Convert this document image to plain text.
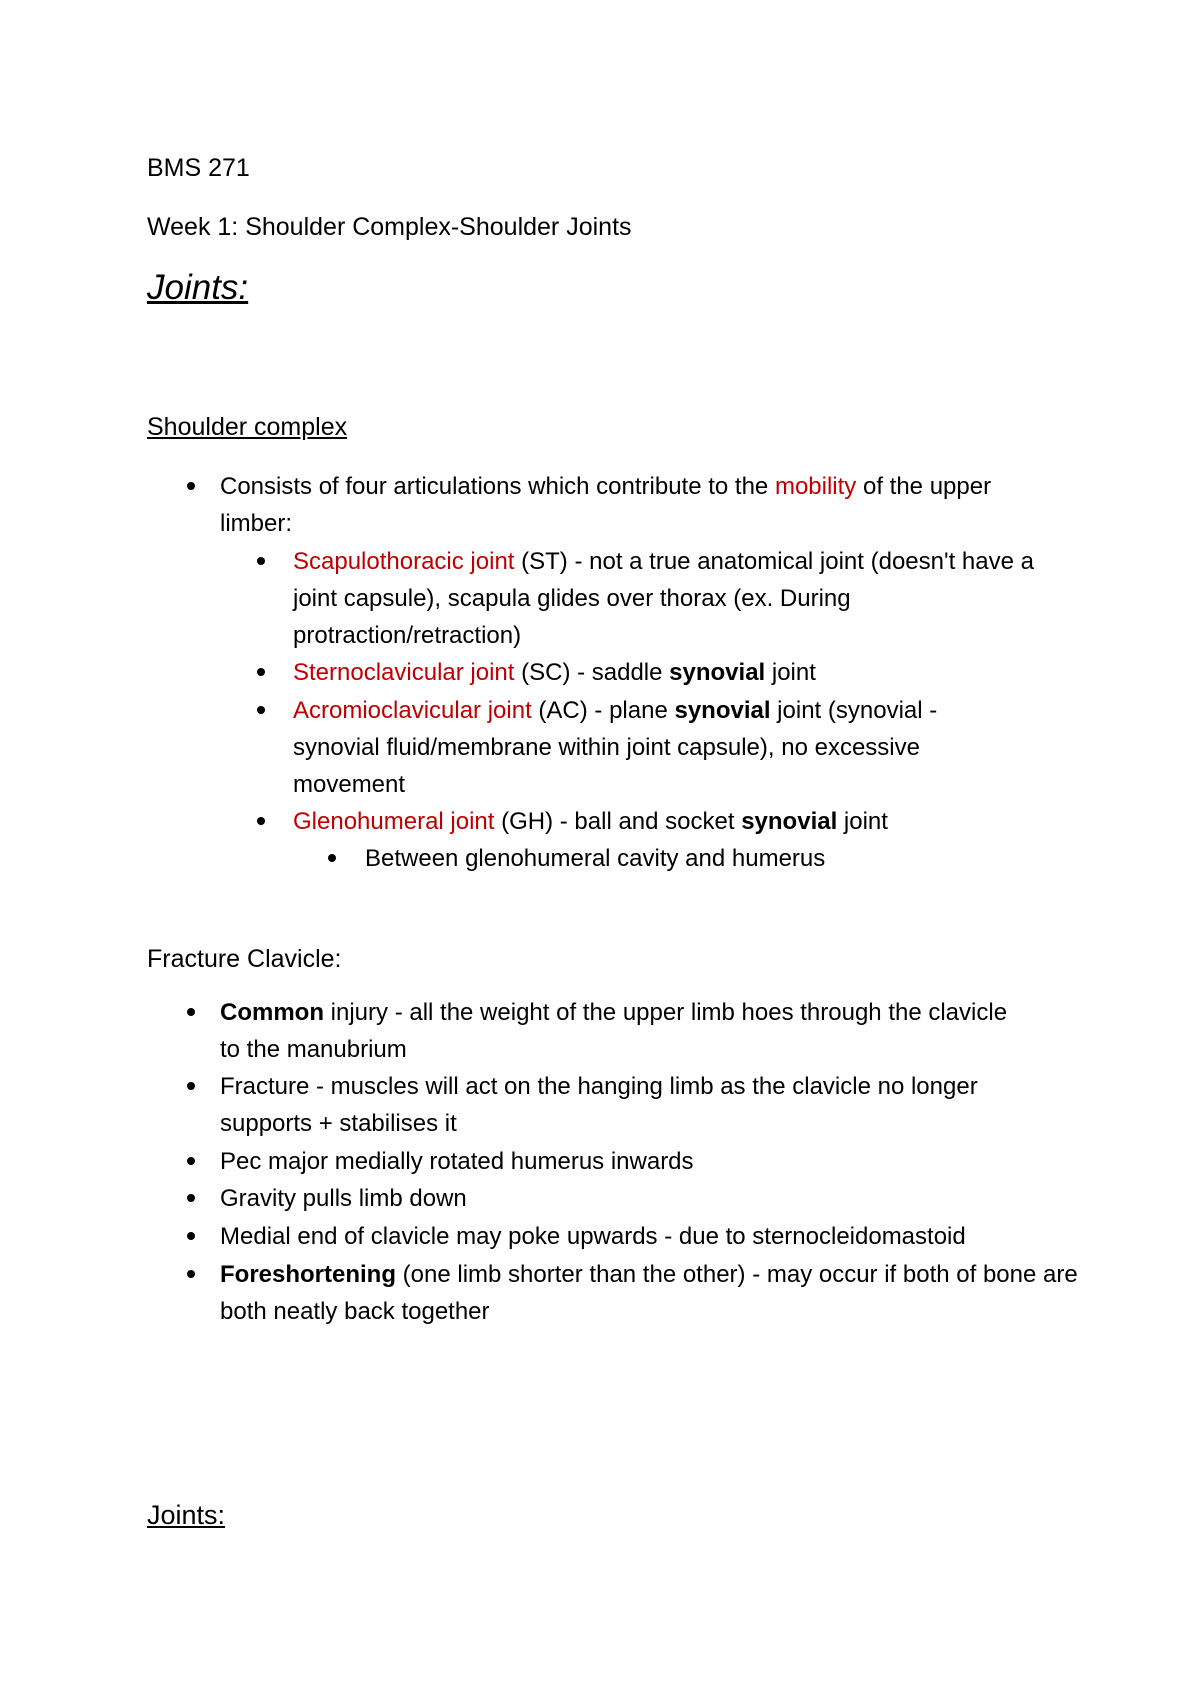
BMS 271
Week 1: Shoulder Complex-Shoulder Joints
Joints:
Shoulder complex
Consists of four articulations which contribute to the mobility of the upper limber:
Scapulothoracic joint (ST) - not a true anatomical joint (doesn't have a joint capsule), scapula glides over thorax (ex. During protraction/retraction)
Sternoclavicular joint (SC) - saddle synovial joint
Acromioclavicular joint (AC) - plane synovial joint (synovial - synovial fluid/membrane within joint capsule), no excessive movement
Glenohumeral joint (GH) - ball and socket synovial joint
Between glenohumeral cavity and humerus
Fracture Clavicle:
Common injury - all the weight of the upper limb hoes through the clavicle to the manubrium
Fracture - muscles will act on the hanging limb as the clavicle no longer supports + stabilises it
Pec major medially rotated humerus inwards
Gravity pulls limb down
Medial end of clavicle may poke upwards - due to sternocleidomastoid
Foreshortening (one limb shorter than the other) - may occur if both of bone are both neatly back together
Joints:
